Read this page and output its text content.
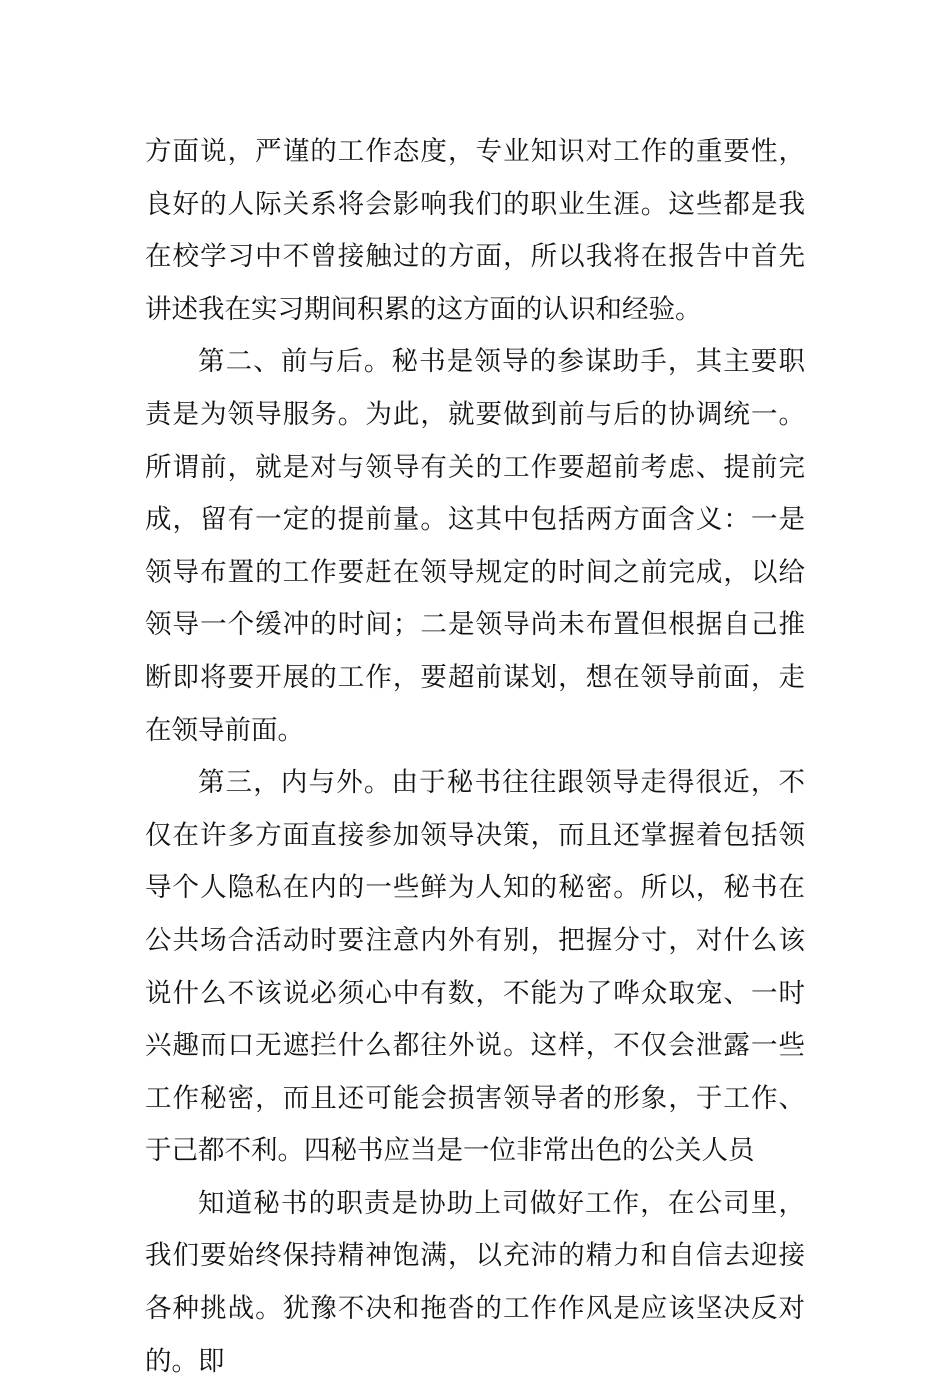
方面说，严谨的工作态度，专业知识对工作的重要性，良好的人际关系将会影响我们的职业生涯。这些都是我在校学习中不曾接触过的方面，所以我将在报告中首先讲述我在实习期间积累的这方面的认识和经验。

第二、前与后。秘书是领导的参谋助手，其主要职责是为领导服务。为此，就要做到前与后的协调统一。所谓前，就是对与领导有关的工作要超前考虑、提前完成，留有一定的提前量。这其中包括两方面含义：一是领导布置的工作要赶在领导规定的时间之前完成，以给领导一个缓冲的时间；二是领导尚未布置但根据自己推断即将要开展的工作，要超前谋划，想在领导前面，走在领导前面。

第三，内与外。由于秘书往往跟领导走得很近，不仅在许多方面直接参加领导决策，而且还掌握着包括领导个人隐私在内的一些鲜为人知的秘密。所以，秘书在公共场合活动时要注意内外有别，把握分寸，对什么该说什么不该说必须心中有数，不能为了哗众取宠、一时兴趣而口无遮拦什么都往外说。这样，不仅会泄露一些工作秘密，而且还可能会损害领导者的形象，于工作、于己都不利。四秘书应当是一位非常出色的公关人员

知道秘书的职责是协助上司做好工作，在公司里，我们要始终保持精神饱满，以充沛的精力和自信去迎接各种挑战。犹豫不决和拖沓的工作作风是应该坚决反对的。即
